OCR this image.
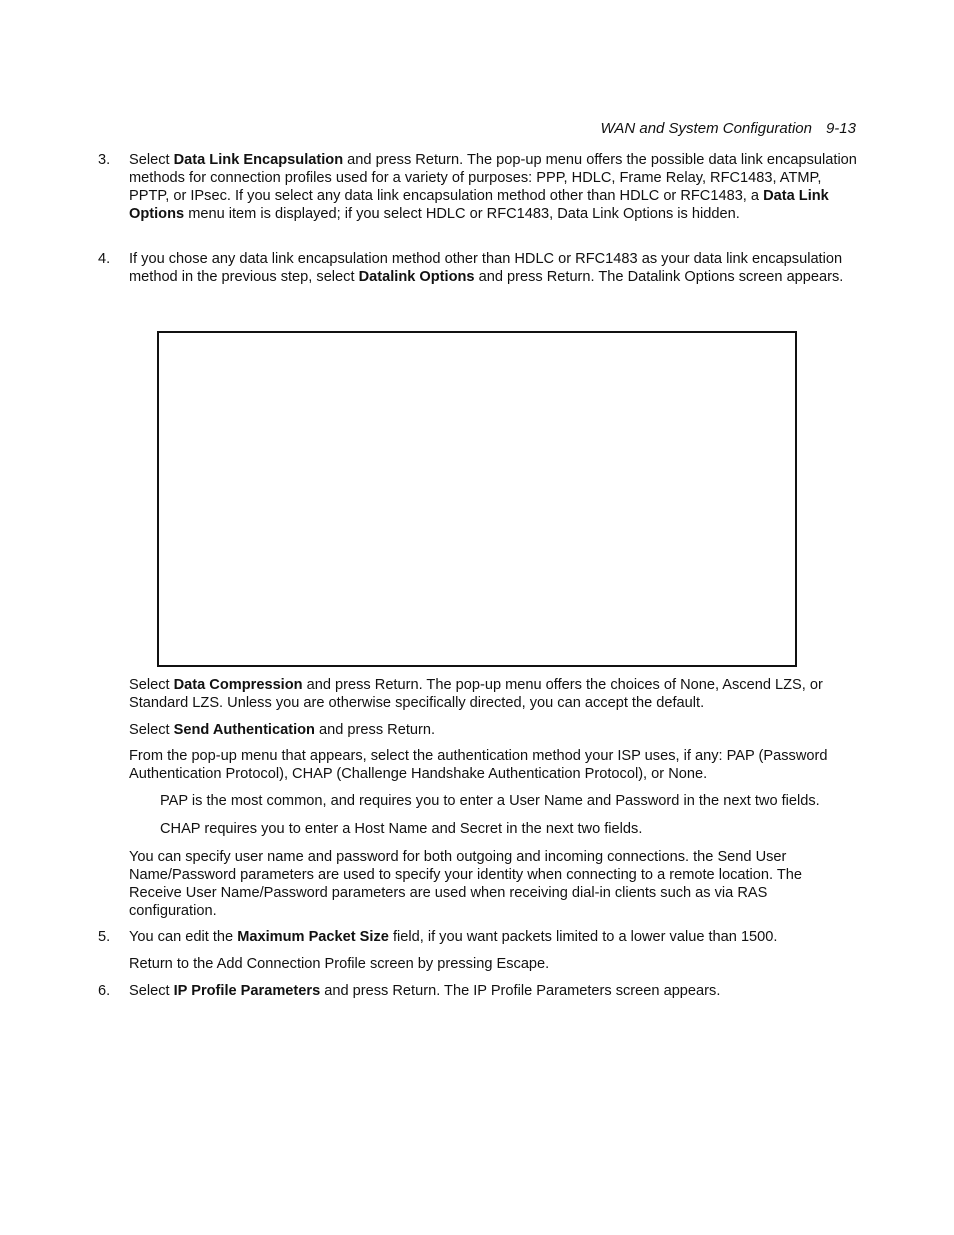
WAN and System Configuration 9-13
3. Select Data Link Encapsulation and press Return. The pop-up menu offers the possible data link encapsulation methods for connection profiles used for a variety of purposes: PPP, HDLC, Frame Relay, RFC1483, ATMP, PPTP, or IPsec. If you select any data link encapsulation method other than HDLC or RFC1483, a Data Link Options menu item is displayed; if you select HDLC or RFC1483, Data Link Options is hidden.

4. If you chose any data link encapsulation method other than HDLC or RFC1483 as your data link encapsulation method in the previous step, select Datalink Options and press Return. The Datalink Options screen appears.

Select Data Compression and press Return. The pop-up menu offers the choices of None, Ascend LZS, or Standard LZS. Unless you are otherwise specifically directed, you can accept the default.

Select Send Authentication and press Return.

From the pop-up menu that appears, select the authentication method your ISP uses, if any: PAP (Password Authentication Protocol), CHAP (Challenge Handshake Authentication Protocol), or None.

PAP is the most common, and requires you to enter a User Name and Password in the next two fields.

CHAP requires you to enter a Host Name and Secret in the next two fields.

You can specify user name and password for both outgoing and incoming connections. the Send User Name/Password parameters are used to specify your identity when connecting to a remote location. The Receive User Name/Password parameters are used when receiving dial-in clients such as via RAS configuration.

5. You can edit the Maximum Packet Size field, if you want packets limited to a lower value than 1500.

Return to the Add Connection Profile screen by pressing Escape.

6. Select IP Profile Parameters and press Return. The IP Profile Parameters screen appears.
